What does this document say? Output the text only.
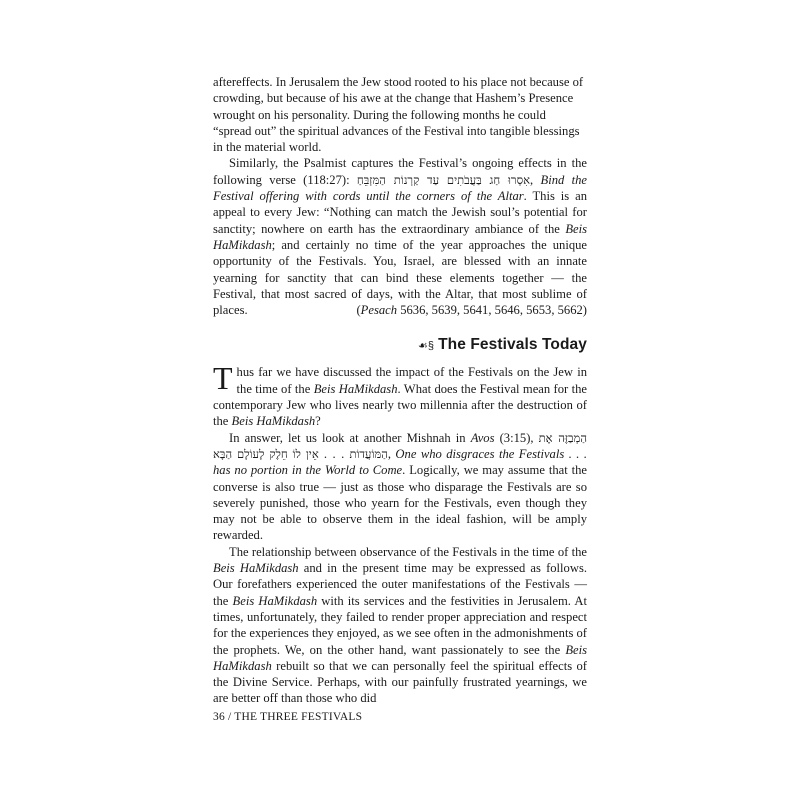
aftereffects. In Jerusalem the Jew stood rooted to his place not because of
crowding, but because of his awe at the change that Hashem’s Presence
wrought on his personality. During the following months he could
“spread out” the spiritual advances of the Festival into tangible blessings
in the material world.

Similarly, the Psalmist captures the Festival’s ongoing effects in the following verse (118:27): אִסְרוּ חַג בַּעֲבֹתִים עַד קַרְנוֹת הַמִּזְבֵּחַ, Bind the Festival offering with cords until the corners of the Altar. This is an appeal to every Jew: “Nothing can match the Jewish soul’s potential for sanctity; nowhere on earth has the extraordinary ambiance of the Beis HaMikdash; and certainly no time of the year approaches the unique opportunity of the Festivals. You, Israel, are blessed with an innate yearning for sanctity that can bind these elements together — the Festival, that most sacred of days, with the Altar, that most sublime of places.	(Pesach 5636, 5639, 5641, 5646, 5653, 5662)

☙§ The Festivals Today

Thus far we have discussed the impact of the Festivals on the Jew in the time of the Beis HaMikdash. What does the Festival mean for the contemporary Jew who lives nearly two millennia after the destruction of the Beis HaMikdash?

In answer, let us look at another Mishnah in Avos (3:15), הַמְבַזֶּה אֶת הַמּוֹעֲדוֹת . . . אֵין לוֹ חֵלֶק לָעוֹלָם הַבָּא, One who disgraces the Festivals . . . has no portion in the World to Come. Logically, we may assume that the converse is also true — just as those who disparage the Festivals are so severely punished, those who yearn for the Festivals, even though they may not be able to observe them in the ideal fashion, will be amply rewarded.

The relationship between observance of the Festivals in the time of the Beis HaMikdash and in the present time may be expressed as follows. Our forefathers experienced the outer manifestations of the Festivals — the Beis HaMikdash with its services and the festivities in Jerusalem. At times, unfortunately, they failed to render proper appreciation and respect for the experiences they enjoyed, as we see often in the admonishments of the prophets. We, on the other hand, want passionately to see the Beis HaMikdash rebuilt so that we can personally feel the spiritual effects of the Divine Service. Perhaps, with our painfully frustrated yearnings, we are better off than those who did

36 / THE THREE FESTIVALS
